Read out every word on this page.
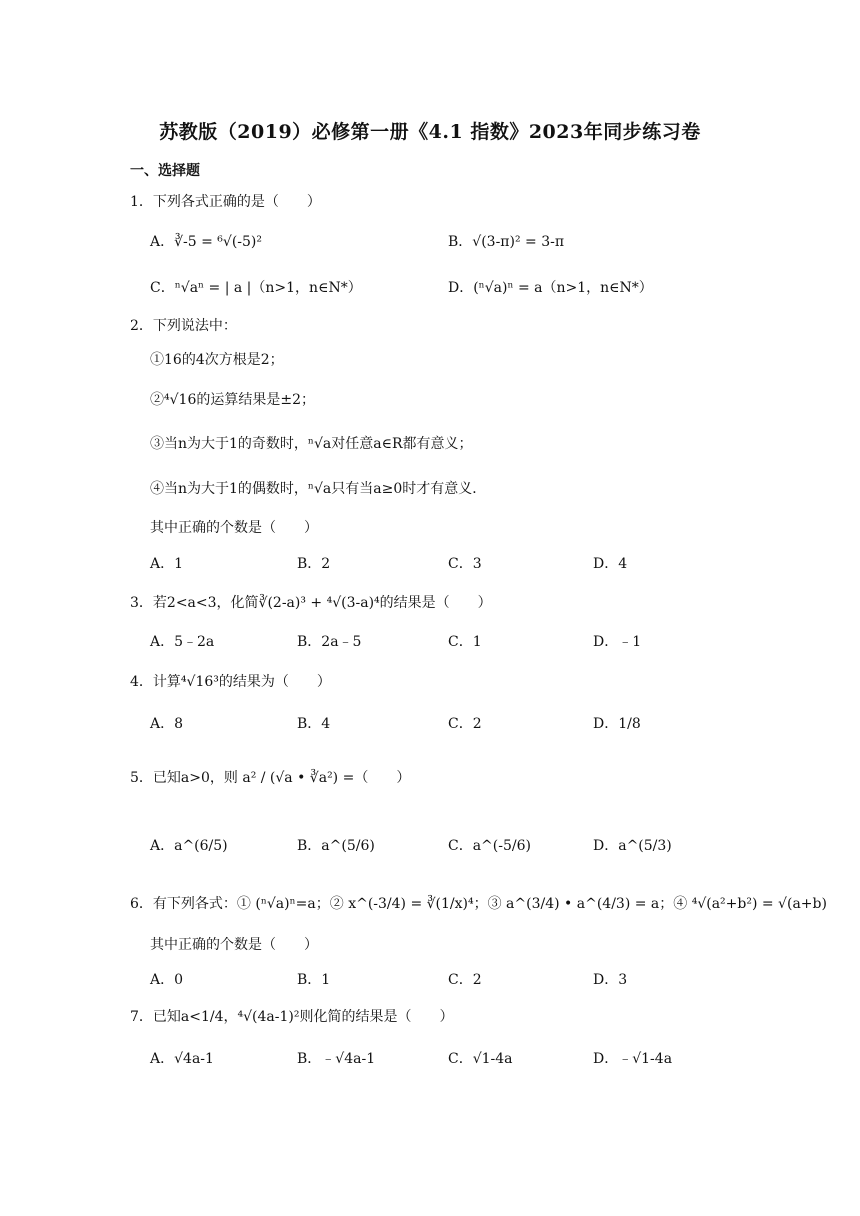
苏教版（2019）必修第一册《4.1 指数》2023年同步练习卷
一、选择题
1．下列各式正确的是（　　）
A．∛-5 = ⁶√(-5)²	B．√(3-π)² = 3-π
C．ⁿ√aⁿ = | a |（n>1，n∈N*）	D．(ⁿ√a)ⁿ = a（n>1，n∈N*）
2．下列说法中：
①16的4次方根是2；
②⁴√16的运算结果是±2；
③当n为大于1的奇数时，ⁿ√a对任意a∈R都有意义；
④当n为大于1的偶数时，ⁿ√a只有当a≥0时才有意义．
其中正确的个数是（　　）
A．1	B．2	C．3	D．4
3．若2<a<3，化简∛(2-a)³ + ⁴√(3-a)⁴的结果是（　　）
A．5﹣2a	B．2a﹣5	C．1	D．﹣1
4．计算⁴√16³的结果为（　　）
A．8	B．4	C．2	D．1/8
5．已知a>0，则 a² / (√a • ∛a²) =（　　）
A．a^(6/5)	B．a^(5/6)	C．a^(-5/6)	D．a^(5/3)
6．有下列各式：① (ⁿ√a)ⁿ=a；② x^(-3/4) = ∛(1/x)⁴；③ a^(3/4) • a^(4/3) = a；④ ⁴√(a²+b²) = √(a+b)
其中正确的个数是（　　）
A．0	B．1	C．2	D．3
7．已知a<1/4，⁴√(4a-1)²则化简的结果是（　　）
A．√4a-1	B．﹣√4a-1	C．√1-4a	D．﹣√1-4a
